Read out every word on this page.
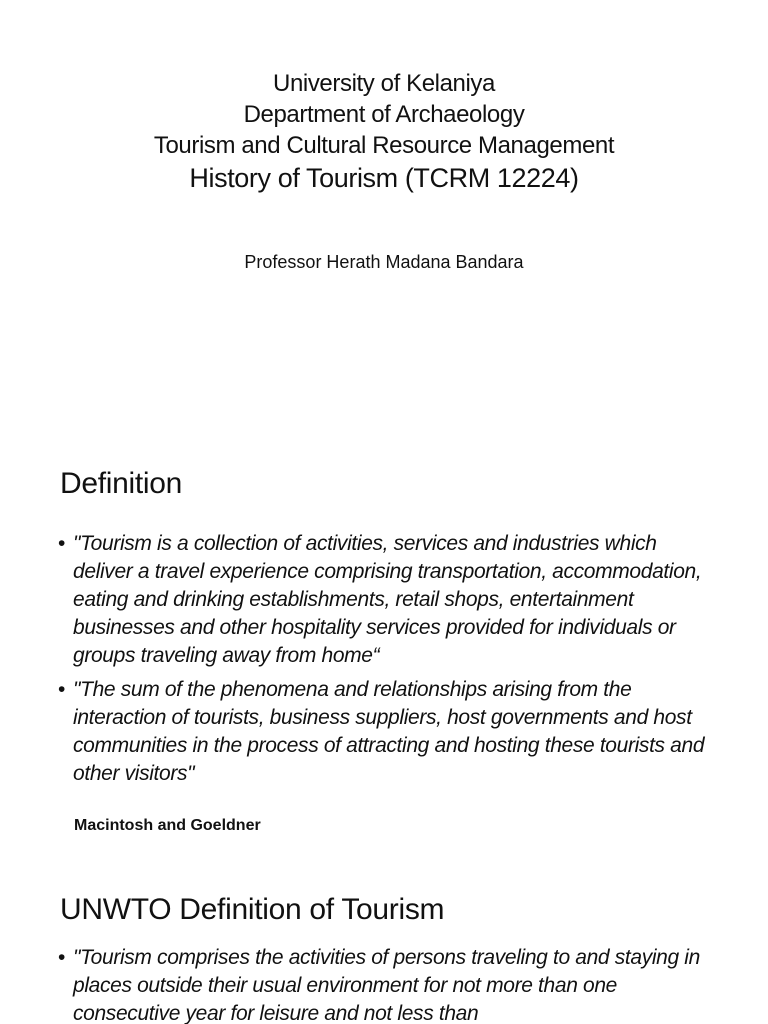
University of Kelaniya

Department of Archaeology

Tourism and Cultural Resource Management

History of Tourism (TCRM 12224)

Professor Herath Madana Bandara
Definition
• "Tourism is a collection of activities, services and industries which deliver a travel experience comprising transportation, accommodation, eating and drinking establishments, retail shops, entertainment businesses and other hospitality services provided for individuals or groups traveling away from home“
• "The sum of the phenomena and relationships arising from the interaction of tourists, business suppliers, host governments and host communities in the process of attracting and hosting these tourists and other visitors"
Macintosh and Goeldner
UNWTO Definition of Tourism
• "Tourism comprises the activities of persons traveling to and staying in places outside their usual environment for not more than one consecutive year for leisure and not less than
